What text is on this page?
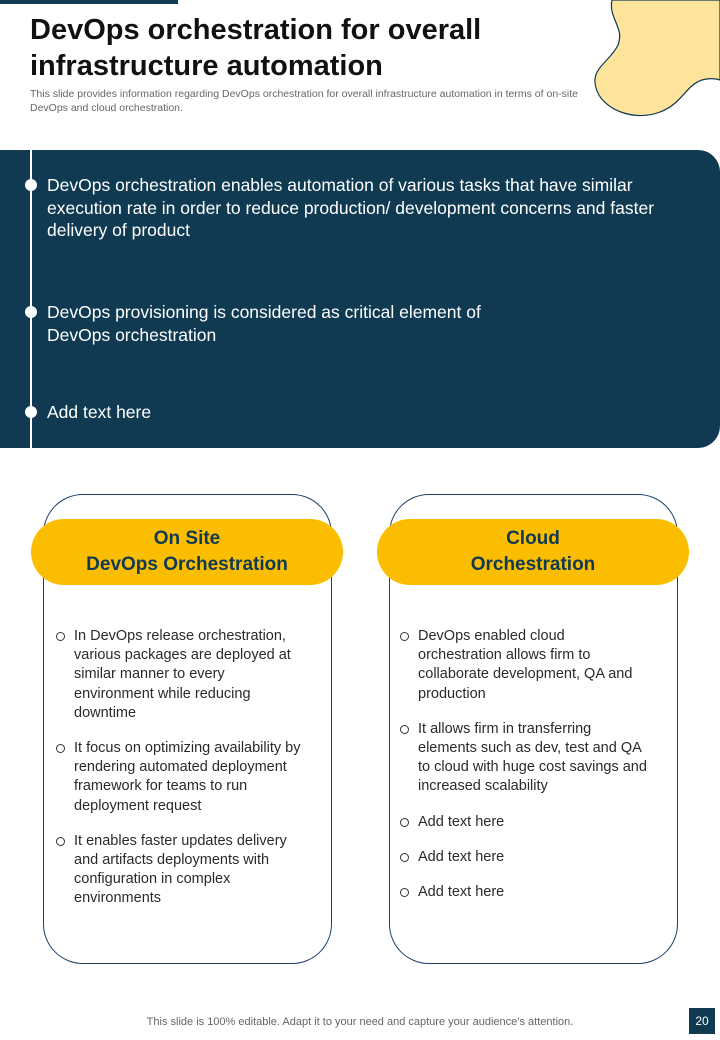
DevOps orchestration for overall infrastructure automation

This slide provides information regarding DevOps orchestration for overall infrastructure automation in terms of on-site DevOps and cloud orchestration.

DevOps orchestration enables automation of various tasks that have similar execution rate in order to reduce production/ development concerns and faster delivery of product

DevOps provisioning is considered as critical element of DevOps orchestration

Add text here

On Site
DevOps Orchestration
Cloud
Orchestration
In DevOps release orchestration, various packages are deployed at similar manner to every environment while reducing downtime
It focus on optimizing availability by rendering automated deployment framework for teams to run deployment request
It enables faster updates delivery and artifacts deployments with configuration in complex environments
DevOps enabled cloud orchestration allows firm to collaborate development, QA and production
It allows firm in transferring elements such as dev, test and QA to cloud with huge cost savings and increased scalability
Add text here
Add text here
Add text here

This slide is 100% editable. Adapt it to your need and capture your audience’s attention.	20
